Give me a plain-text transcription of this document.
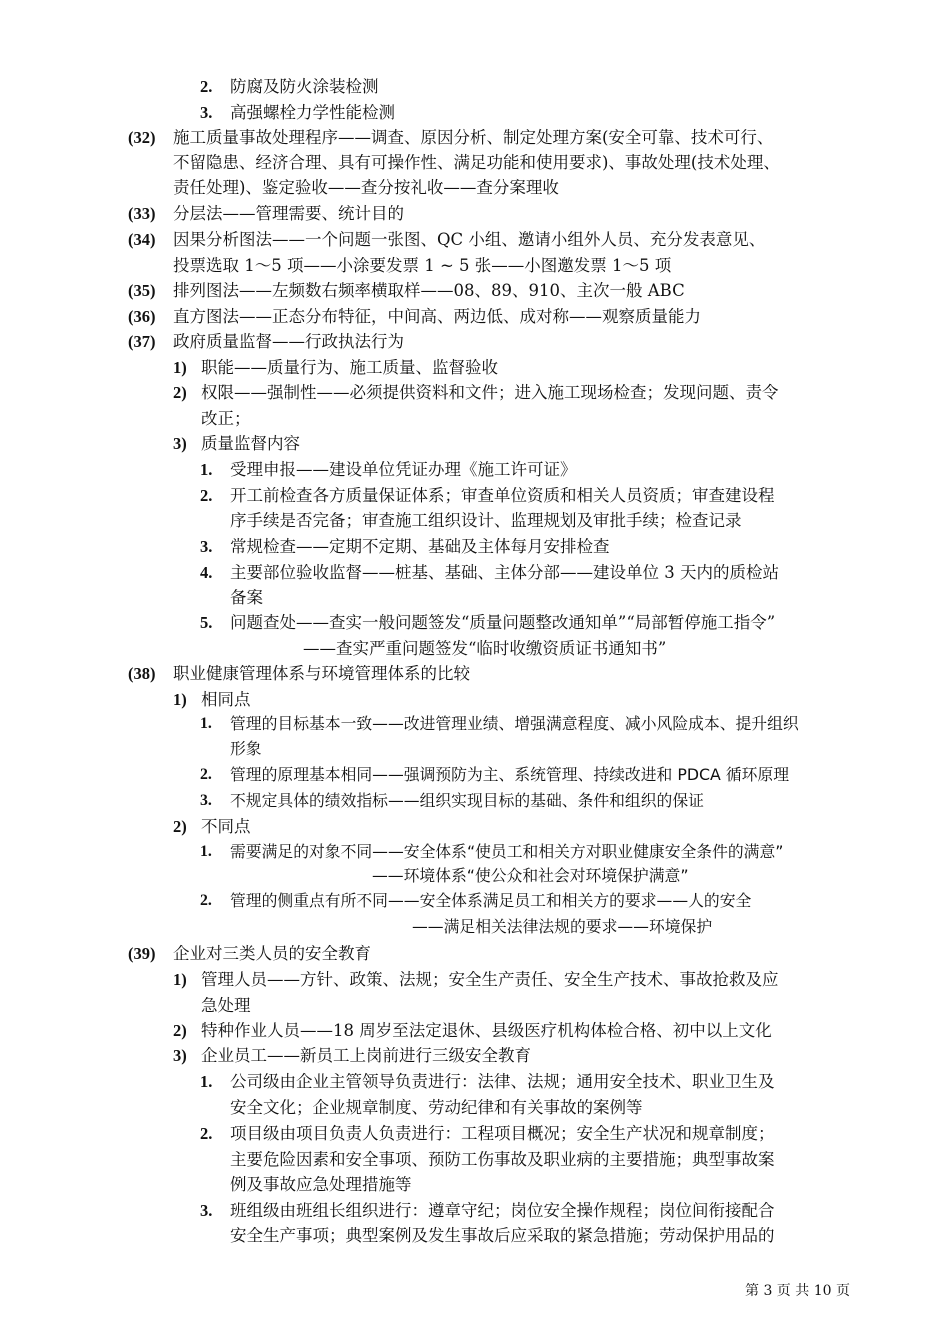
2. 防腐及防火涂装检测
3. 高强螺栓力学性能检测
(32) 施工质量事故处理程序——调查、原因分析、制定处理方案(安全可靠、技术可行、
不留隐患、经济合理、具有可操作性、满足功能和使用要求)、事故处理(技术处理、
责任处理)、鉴定验收——查分按礼收——查分案理收
(33) 分层法——管理需要、统计目的
(34) 因果分析图法——一个问题一张图、QC 小组、邀请小组外人员、充分发表意见、
投票选取 1～5 项——小涂要发票 1 ~ 5 张——小图邀发票 1～5 项
(35) 排列图法——左频数右频率横取样——08、89、910、主次一般 ABC
(36) 直方图法——正态分布特征，中间高、两边低、成对称——观察质量能力
(37) 政府质量监督——行政执法行为
1) 职能——质量行为、施工质量、监督验收
2) 权限——强制性——必须提供资料和文件；进入施工现场检查；发现问题、责令
改正；
3) 质量监督内容
1. 受理申报——建设单位凭证办理《施工许可证》
2. 开工前检查各方质量保证体系；审查单位资质和相关人员资质；审查建设程
序手续是否完备；审查施工组织设计、监理规划及审批手续；检查记录
3. 常规检查——定期不定期、基础及主体每月安排检查
4. 主要部位验收监督——桩基、基础、主体分部——建设单位 3 天内的质检站
备案
5. 问题查处——查实一般问题签发“质量问题整改通知单”“局部暂停施工指令”
——查实严重问题签发“临时收缴资质证书通知书”
(38) 职业健康管理体系与环境管理体系的比较
1) 相同点
1. 管理的目标基本一致——改进管理业绩、增强满意程度、减小风险成本、提升组织
形象
2. 管理的原理基本相同——强调预防为主、系统管理、持续改进和 PDCA 循环原理
3. 不规定具体的绩效指标——组织实现目标的基础、条件和组织的保证
2) 不同点
1. 需要满足的对象不同——安全体系“使员工和相关方对职业健康安全条件的满意”
——环境体系“使公众和社会对环境保护满意”
2. 管理的侧重点有所不同——安全体系满足员工和相关方的要求——人的安全
——满足相关法律法规的要求——环境保护
(39) 企业对三类人员的安全教育
1) 管理人员——方针、政策、法规；安全生产责任、安全生产技术、事故抢救及应
急处理
2) 特种作业人员——18 周岁至法定退休、县级医疗机构体检合格、初中以上文化
3) 企业员工——新员工上岗前进行三级安全教育
1. 公司级由企业主管领导负责进行：法律、法规；通用安全技术、职业卫生及
安全文化；企业规章制度、劳动纪律和有关事故的案例等
2. 项目级由项目负责人负责进行：工程项目概况；安全生产状况和规章制度；
主要危险因素和安全事项、预防工伤事故及职业病的主要措施；典型事故案
例及事故应急处理措施等
3. 班组级由班组长组织进行：遵章守纪；岗位安全操作规程；岗位间衔接配合
安全生产事项；典型案例及发生事故后应采取的紧急措施；劳动保护用品的
第 3 页 共 10 页
